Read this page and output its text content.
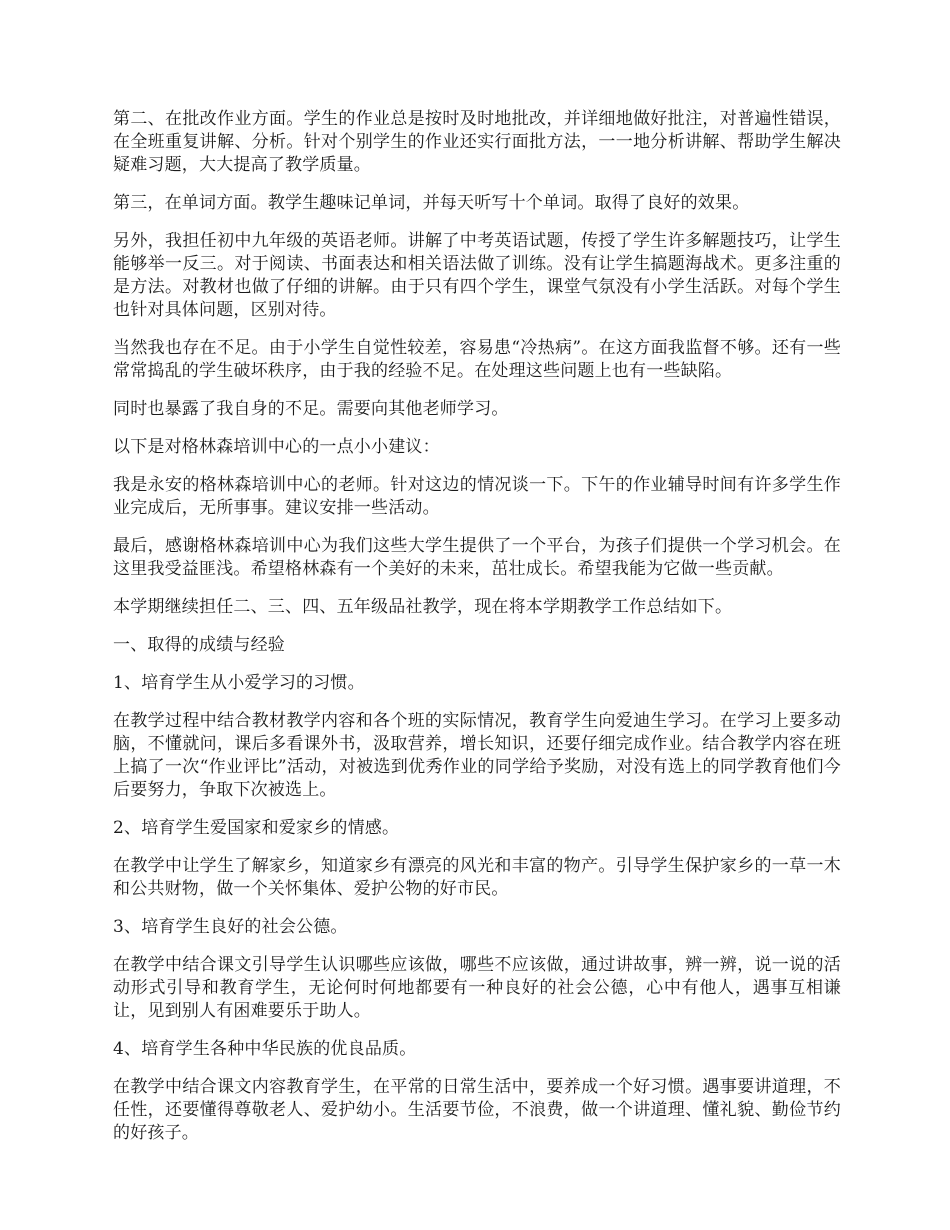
第二、在批改作业方面。学生的作业总是按时及时地批改，并详细地做好批注，对普遍性错误，在全班重复讲解、分析。针对个别学生的作业还实行面批方法，一一地分析讲解、帮助学生解决疑难习题，大大提高了教学质量。

第三，在单词方面。教学生趣味记单词，并每天听写十个单词。取得了良好的效果。

另外，我担任初中九年级的英语老师。讲解了中考英语试题，传授了学生许多解题技巧，让学生能够举一反三。对于阅读、书面表达和相关语法做了训练。没有让学生搞题海战术。更多注重的是方法。对教材也做了仔细的讲解。由于只有四个学生，课堂气氛没有小学生活跃。对每个学生也针对具体问题，区别对待。

当然我也存在不足。由于小学生自觉性较差，容易患“冷热病”。在这方面我监督不够。还有一些常常捣乱的学生破坏秩序，由于我的经验不足。在处理这些问题上也有一些缺陷。

同时也暴露了我自身的不足。需要向其他老师学习。

以下是对格林森培训中心的一点小小建议：

我是永安的格林森培训中心的老师。针对这边的情况谈一下。下午的作业辅导时间有许多学生作业完成后，无所事事。建议安排一些活动。

最后，感谢格林森培训中心为我们这些大学生提供了一个平台，为孩子们提供一个学习机会。在这里我受益匪浅。希望格林森有一个美好的未来，茁壮成长。希望我能为它做一些贡献。

本学期继续担任二、三、四、五年级品社教学，现在将本学期教学工作总结如下。

一、取得的成绩与经验

1、培育学生从小爱学习的习惯。

在教学过程中结合教材教学内容和各个班的实际情况，教育学生向爱迪生学习。在学习上要多动脑，不懂就问，课后多看课外书，汲取营养，增长知识，还要仔细完成作业。结合教学内容在班上搞了一次“作业评比”活动，对被选到优秀作业的同学给予奖励，对没有选上的同学教育他们今后要努力，争取下次被选上。

2、培育学生爱国家和爱家乡的情感。

在教学中让学生了解家乡，知道家乡有漂亮的风光和丰富的物产。引导学生保护家乡的一草一木和公共财物，做一个关怀集体、爱护公物的好市民。

3、培育学生良好的社会公德。

在教学中结合课文引导学生认识哪些应该做，哪些不应该做，通过讲故事，辨一辨，说一说的活动形式引导和教育学生，无论何时何地都要有一种良好的社会公德，心中有他人，遇事互相谦让，见到别人有困难要乐于助人。

4、培育学生各种中华民族的优良品质。

在教学中结合课文内容教育学生，在平常的日常生活中，要养成一个好习惯。遇事要讲道理，不任性，还要懂得尊敬老人、爱护幼小。生活要节俭，不浪费，做一个讲道理、懂礼貌、勤俭节约的好孩子。
